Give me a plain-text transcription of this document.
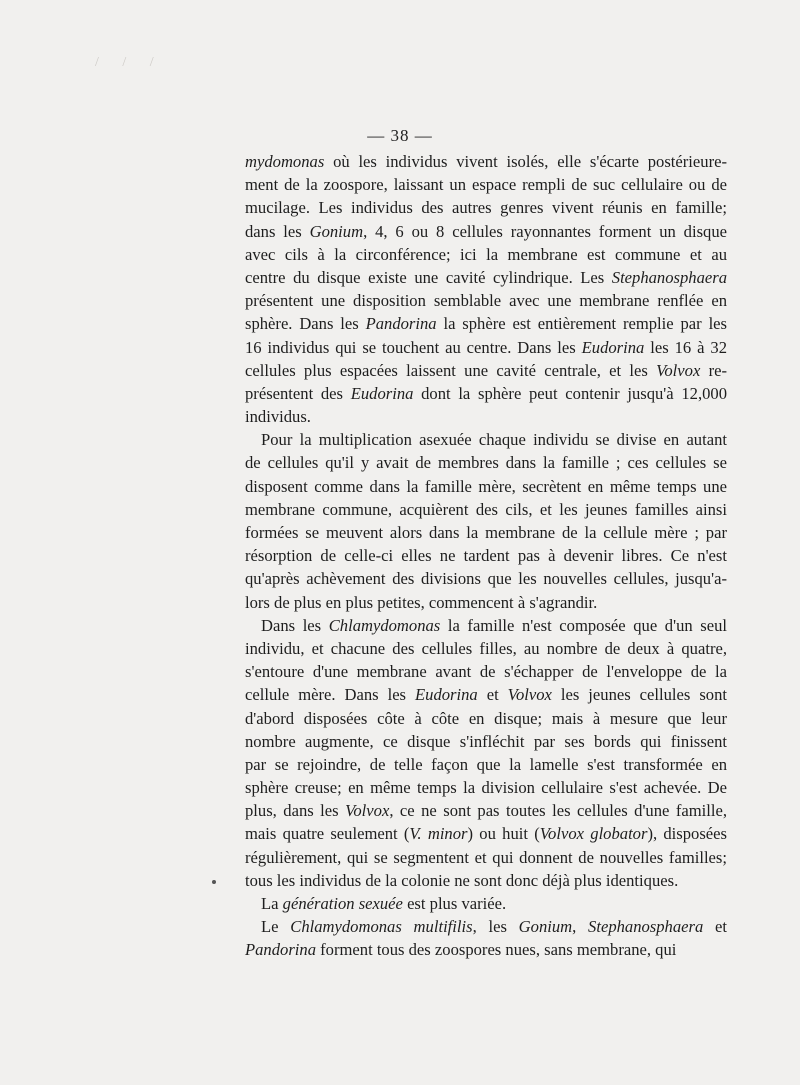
/ / /
— 38 —
mydomonas où les individus vivent isolés, elle s'écarte postérieure-
ment de la zoospore, laissant un espace rempli de suc cellulaire ou de
mucilage. Les individus des autres genres vivent réunis en famille;
dans les Gonium, 4, 6 ou 8 cellules rayonnantes forment un disque
avec cils à la circonférence; ici la membrane est commune et au
centre du disque existe une cavité cylindrique. Les Stephanosphaera
présentent une disposition semblable avec une membrane renflée en
sphère. Dans les Pandorina la sphère est entièrement remplie par les
16 individus qui se touchent au centre. Dans les Eudorina les 16 à 32
cellules plus espacées laissent une cavité centrale, et les Volvox re-
présentent des Eudorina dont la sphère peut contenir jusqu'à 12,000
individus.
Pour la multiplication asexuée chaque individu se divise en autant
de cellules qu'il y avait de membres dans la famille ; ces cellules se
disposent comme dans la famille mère, secrètent en même temps une
membrane commune, acquièrent des cils, et les jeunes familles ainsi
formées se meuvent alors dans la membrane de la cellule mère ; par
résorption de celle-ci elles ne tardent pas à devenir libres. Ce n'est
qu'après achèvement des divisions que les nouvelles cellules, jusqu'a-
lors de plus en plus petites, commencent à s'agrandir.
Dans les Chlamydomonas la famille n'est composée que d'un seul
individu, et chacune des cellules filles, au nombre de deux à quatre,
s'entoure d'une membrane avant de s'échapper de l'enveloppe de la
cellule mère. Dans les Eudorina et Volvox les jeunes cellules sont
d'abord disposées côte à côte en disque; mais à mesure que leur
nombre augmente, ce disque s'infléchit par ses bords qui finissent
par se rejoindre, de telle façon que la lamelle s'est transformée en
sphère creuse; en même temps la division cellulaire s'est achevée. De
plus, dans les Volvox, ce ne sont pas toutes les cellules d'une famille,
mais quatre seulement (V. minor) ou huit (Volvox globator), disposées
régulièrement, qui se segmentent et qui donnent de nouvelles familles;
tous les individus de la colonie ne sont donc déjà plus identiques.
La génération sexuée est plus variée.
Le Chlamydomonas multifilis, les Gonium, Stephanosphaera et
Pandorina forment tous des zoospores nues, sans membrane, qui
